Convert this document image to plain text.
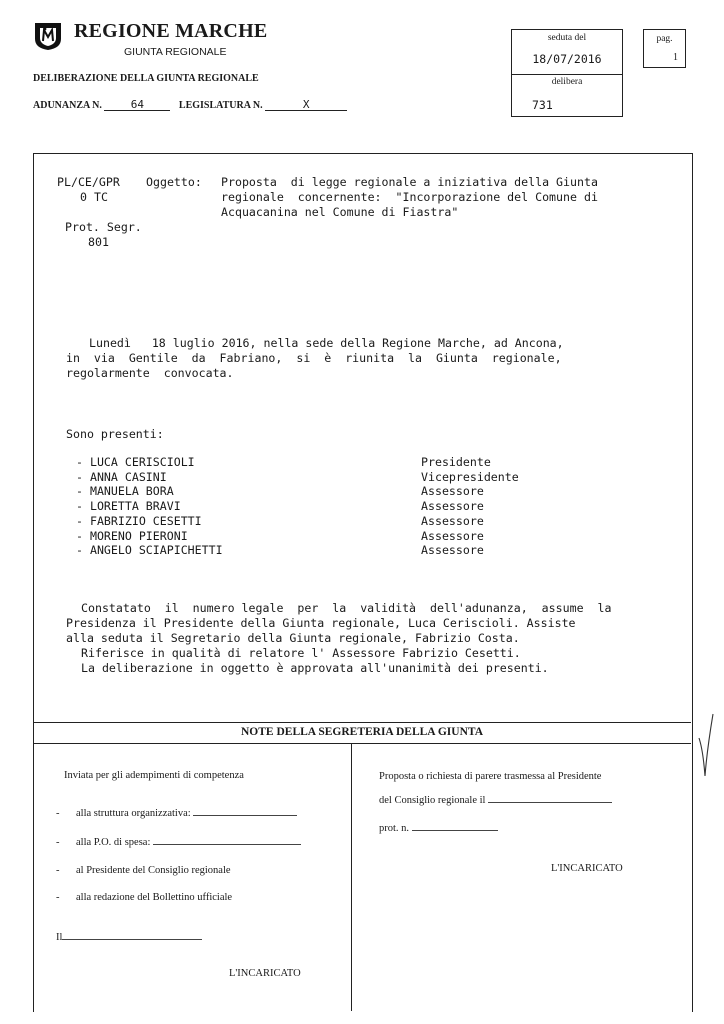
REGIONE MARCHE
GIUNTA REGIONALE
DELIBERAZIONE DELLA GIUNTA REGIONALE
ADUNANZA N.	64	LEGISLATURA N.	X
seduta del
18/07/2016
delibera
731
pag.
1
PL/CE/GPR
0 TC
Oggetto: Proposta  di legge regionale a iniziativa della Giunta
regionale  concernente:  "Incorporazione del Comune di
Acquacanina nel Comune di Fiastra"
Prot. Segr.
801
Lunedì   18 luglio 2016, nella sede della Regione Marche, ad Ancona,
in  via  Gentile  da  Fabriano,  si  è  riunita  la  Giunta  regionale,
regolarmente  convocata.
Sono presenti:
- LUCA CERISCIOLI	Presidente
- ANNA CASINI	Vicepresidente
- MANUELA BORA	Assessore
- LORETTA BRAVI	Assessore
- FABRIZIO CESETTI	Assessore
- MORENO PIERONI	Assessore
- ANGELO SCIAPICHETTI	Assessore
Constatato  il  numero legale  per  la  validità  dell'adunanza,  assume  la
Presidenza il Presidente della Giunta regionale, Luca Ceriscioli. Assiste
alla seduta il Segretario della Giunta regionale, Fabrizio Costa.
Riferisce in qualità di relatore l' Assessore Fabrizio Cesetti.
La deliberazione in oggetto è approvata all'unanimità dei presenti.
NOTE DELLA SEGRETERIA DELLA GIUNTA
Inviata per gli adempimenti di competenza
- alla struttura organizzativa:
- alla P.O. di spesa:
- al Presidente del Consiglio regionale
- alla redazione del Bollettino ufficiale
Il
L'INCARICATO
Proposta o richiesta di parere trasmessa al Presidente
del Consiglio regionale il
prot. n.
L'INCARICATO
